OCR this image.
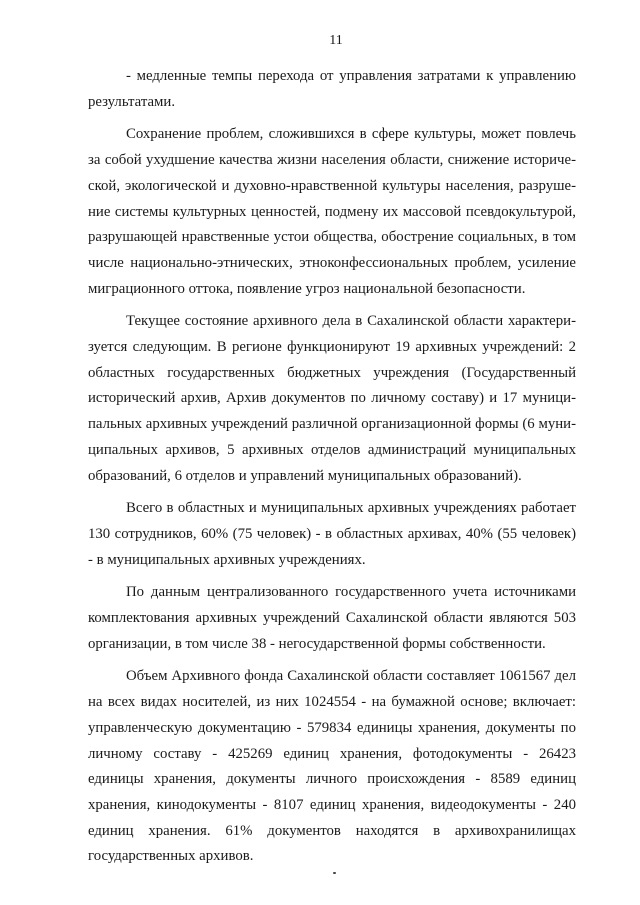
11

- медленные темпы перехода от управления затратами к управлению результатами.

Сохранение проблем, сложившихся в сфере культуры, может повлечь за собой ухудшение качества жизни населения области, снижение исторической, экологической и духовно-нравственной культуры населения, разрушение системы культурных ценностей, подмену их массовой псевдокультурой, разрушающей нравственные устои общества, обострение социальных, в том числе национально-этнических, этноконфессиональных проблем, усиление миграционного оттока, появление угроз национальной безопасности.

Текущее состояние архивного дела в Сахалинской области характеризуется следующим. В регионе функционируют 19 архивных учреждений: 2 областных государственных бюджетных учреждения (Государственный исторический архив, Архив документов по личному составу) и 17 муниципальных архивных учреждений различной организационной формы (6 муниципальных архивов, 5 архивных отделов администраций муниципальных образований, 6 отделов и управлений муниципальных образований).

Всего в областных и муниципальных архивных учреждениях работает 130 сотрудников, 60% (75 человек) - в областных архивах, 40% (55 человек) - в муниципальных архивных учреждениях.

По данным централизованного государственного учета источниками комплектования архивных учреждений Сахалинской области являются 503 организации, в том числе 38 - негосударственной формы собственности.

Объем Архивного фонда Сахалинской области составляет 1061567 дел на всех видах носителей, из них 1024554 - на бумажной основе; включает: управленческую документацию - 579834 единицы хранения, документы по личному составу - 425269 единиц хранения, фотодокументы - 26423 единицы хранения, документы личного происхождения - 8589 единиц хранения, кинодокументы - 8107 единиц хранения, видеодокументы - 240 единиц хранения. 61% документов находятся в архивохранилищах государственных архивов.
